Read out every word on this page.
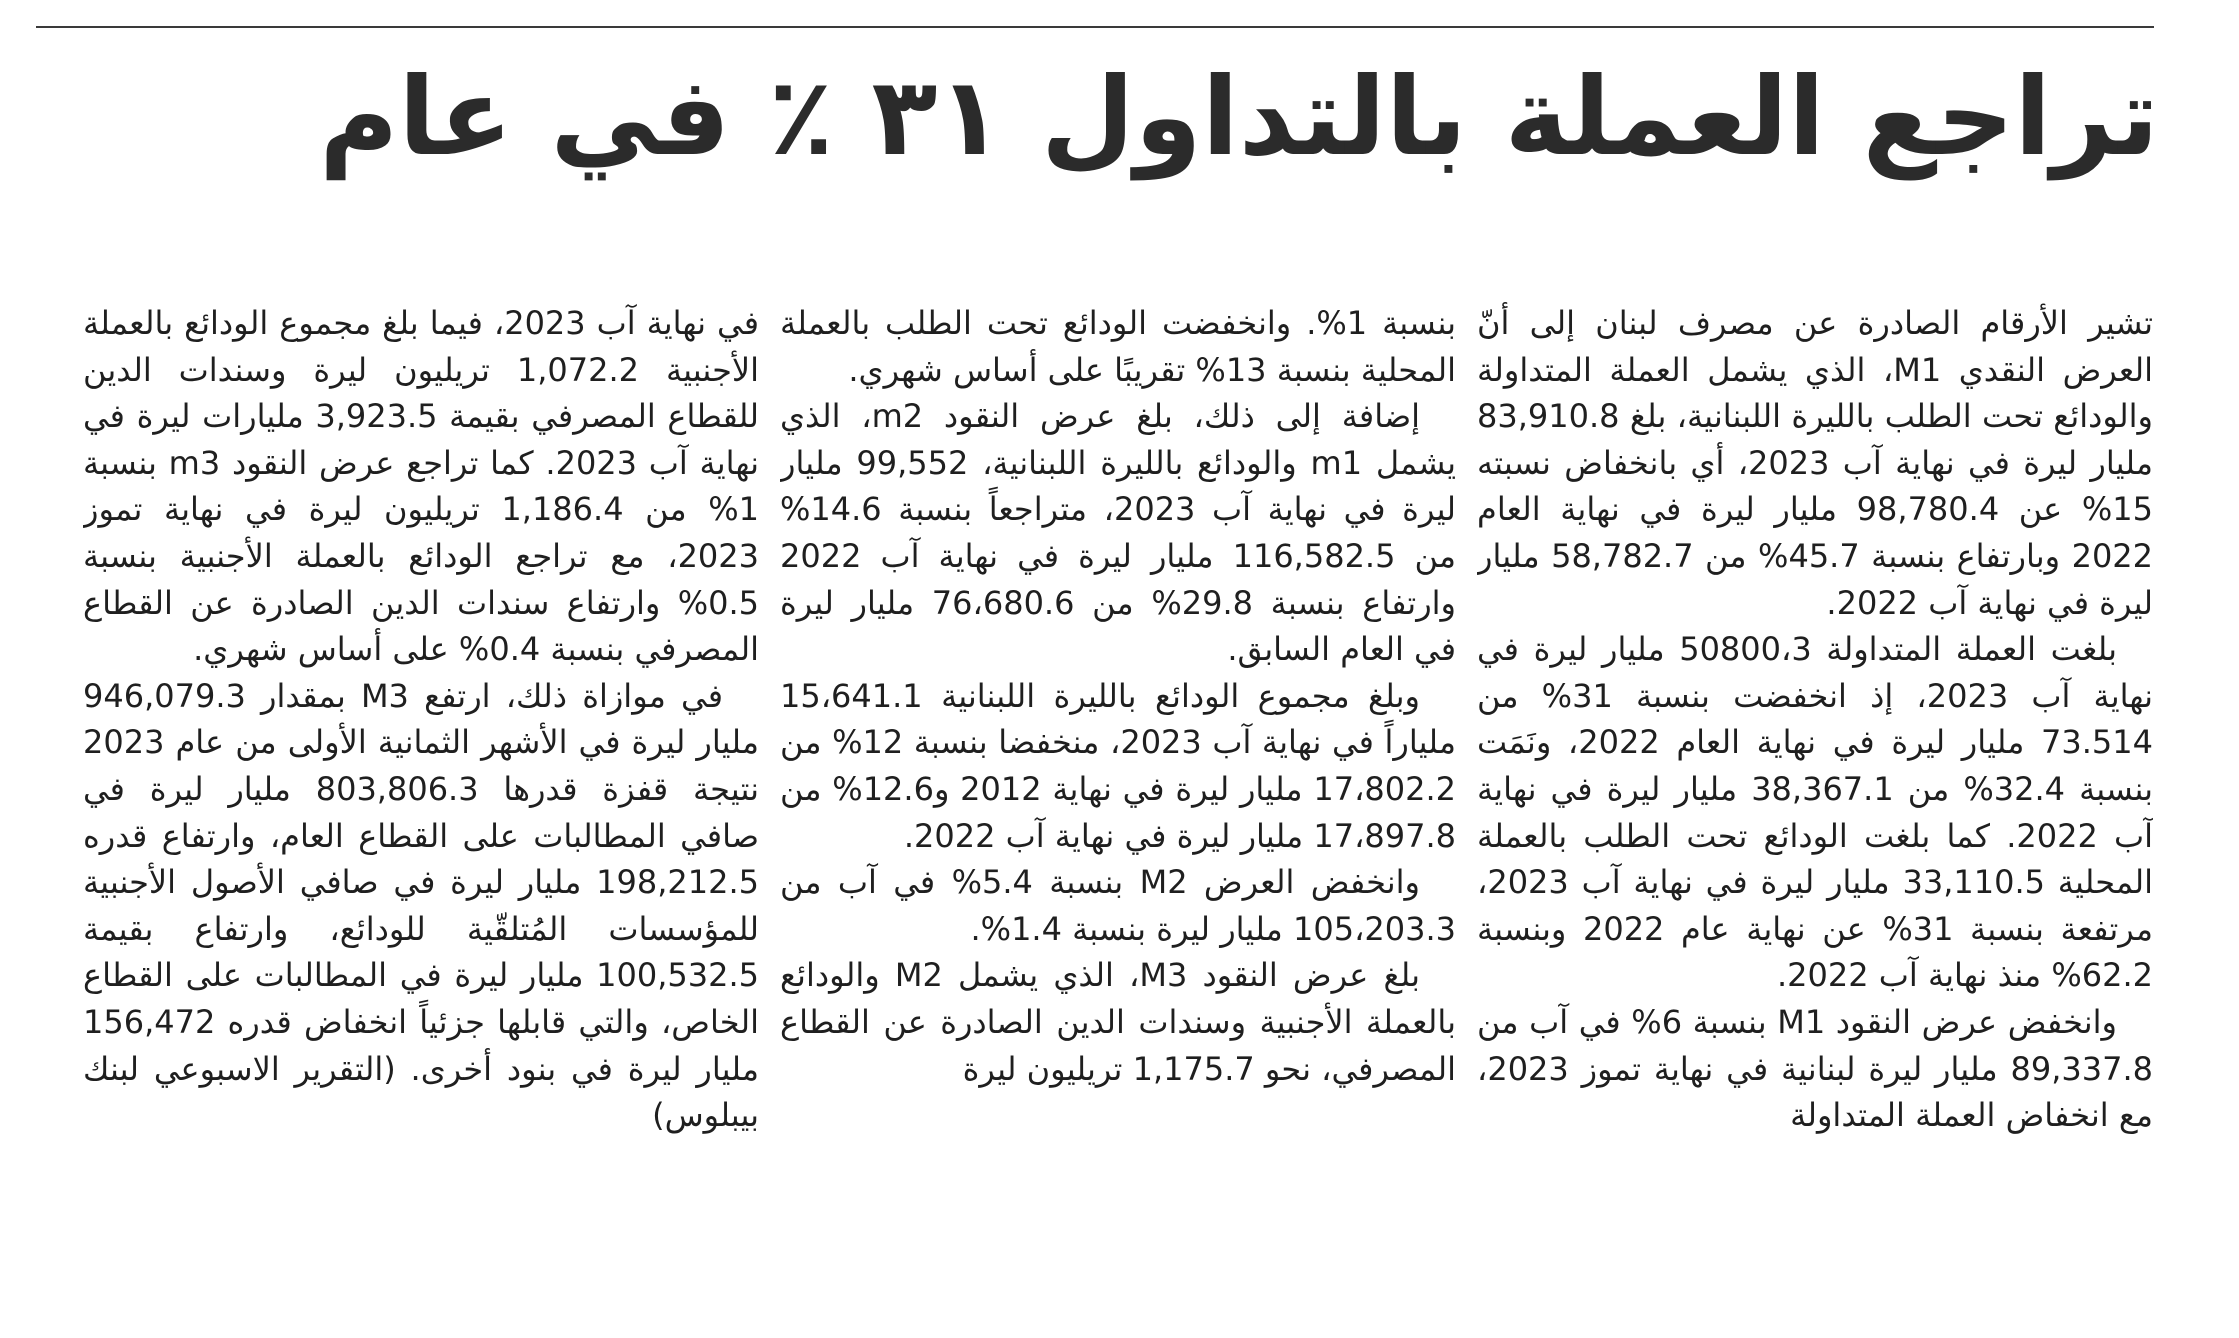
تراجع العملة بالتداول ٣١ ٪ في عام

تشير الأرقام الصادرة عن مصرف لبنان إلى أنّ العرض النقدي M1، الذي يشمل العملة المتداولة والودائع تحت الطلب بالليرة اللبنانية، بلغ 83,910.8 مليار ليرة في نهاية آب 2023، أي بانخفاض نسبته 15% عن 98,780.4 مليار ليرة في نهاية العام 2022 وبارتفاع بنسبة 45.7% من 58,782.7 مليار ليرة في نهاية آب 2022.

بلغت العملة المتداولة 50800،3 مليار ليرة في نهاية آب 2023، إذ انخفضت بنسبة 31% من 73.514 مليار ليرة في نهاية العام 2022، ونَمَت بنسبة 32.4% من 38,367.1 مليار ليرة في نهاية آب 2022. كما بلغت الودائع تحت الطلب بالعملة المحلية 33,110.5 مليار ليرة في نهاية آب 2023، مرتفعة بنسبة 31% عن نهاية عام 2022 وبنسبة 62.2% منذ نهاية آب 2022.

وانخفض عرض النقود M1 بنسبة 6% في آب من 89,337.8 مليار ليرة لبنانية في نهاية تموز 2023، مع انخفاض العملة المتداولة

بنسبة 1%. وانخفضت الودائع تحت الطلب بالعملة المحلية بنسبة 13% تقريبًا على أساس شهري.

إضافة إلى ذلك، بلغ عرض النقود m2، الذي يشمل m1 والودائع بالليرة اللبنانية، 99,552 مليار ليرة في نهاية آب 2023، متراجعاً بنسبة 14.6% من 116,582.5 مليار ليرة في نهاية آب 2022 وارتفاع بنسبة 29.8% من 76،680.6 مليار ليرة في العام السابق.

وبلغ مجموع الودائع بالليرة اللبنانية 15،641.1 ملياراً في نهاية آب 2023، منخفضا بنسبة 12% من 17،802.2 مليار ليرة في نهاية 2012 و12.6% من 17،897.8 مليار ليرة في نهاية آب 2022.

وانخفض العرض M2 بنسبة 5.4% في آب من 105،203.3 مليار ليرة بنسبة 1.4%.

بلغ عرض النقود M3، الذي يشمل M2 والودائع بالعملة الأجنبية وسندات الدين الصادرة عن القطاع المصرفي، نحو 1,175.7 تريليون ليرة

في نهاية آب 2023، فيما بلغ مجموع الودائع بالعملة الأجنبية 1,072.2 تريليون ليرة وسندات الدين للقطاع المصرفي بقيمة 3,923.5 مليارات ليرة في نهاية آب 2023. كما تراجع عرض النقود m3 بنسبة 1% من 1,186.4 تريليون ليرة في نهاية تموز 2023، مع تراجع الودائع بالعملة الأجنبية بنسبة 0.5% وارتفاع سندات الدين الصادرة عن القطاع المصرفي بنسبة 0.4% على أساس شهري.

في موازاة ذلك، ارتفع M3 بمقدار 946,079.3 مليار ليرة في الأشهر الثمانية الأولى من عام 2023 نتيجة قفزة قدرها 803,806.3 مليار ليرة في صافي المطالبات على القطاع العام، وارتفاع قدره 198,212.5 مليار ليرة في صافي الأصول الأجنبية للمؤسسات المُتلقّية للودائع، وارتفاع بقيمة 100,532.5 مليار ليرة في المطالبات على القطاع الخاص، والتي قابلها جزئياً انخفاض قدره 156,472 مليار ليرة في بنود أخرى. (التقرير الاسبوعي لبنك بيبلوس)
